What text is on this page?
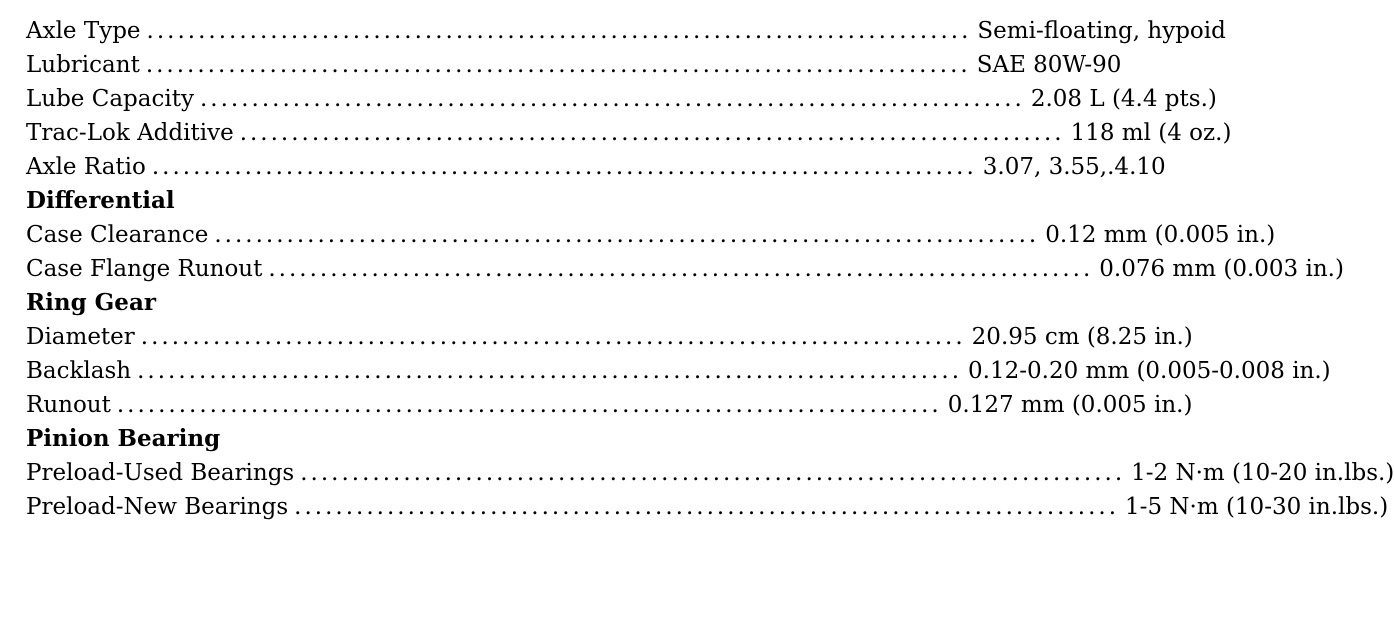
Axle Type ................................................................................ Semi-floating, hypoid
Lubricant ................................................................................ SAE 80W-90
Lube Capacity ................................................................................ 2.08 L (4.4 pts.)
Trac-Lok Additive ................................................................................ 118 ml (4 oz.)
Axle Ratio ................................................................................ 3.07, 3.55,.4.10
Differential
Case Clearance ................................................................................ 0.12 mm (0.005 in.)
Case Flange Runout ................................................................................ 0.076 mm (0.003 in.)
Ring Gear
Diameter ................................................................................ 20.95 cm (8.25 in.)
Backlash ................................................................................ 0.12-0.20 mm (0.005-0.008 in.)
Runout ................................................................................ 0.127 mm (0.005 in.)
Pinion Bearing
Preload-Used Bearings ................................................................................ 1-2 N·m (10-20 in.lbs.)
Preload-New Bearings ................................................................................ 1-5 N·m (10-30 in.lbs.)
